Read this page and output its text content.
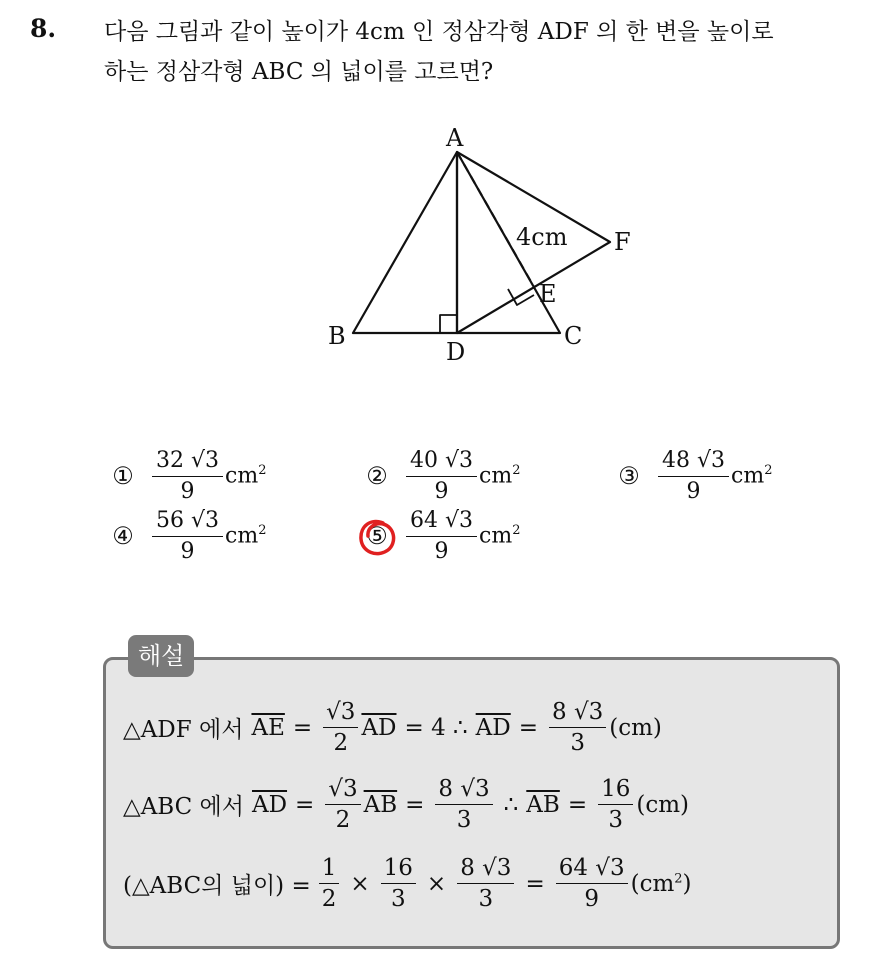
8. 다음 그림과 같이 높이가 4cm 인 정삼각형 ADF 의 한 변을 높이로
하는 정삼각형 ABC 의 넓이를 고르면?
A
B	C
D
E
F
4cm
① $\frac{32 √3}{9} cm^2$	② $\frac{40 √3}{9} cm^2$	③ $\frac{48 √3}{9} cm^2$
④ $\frac{56 √3}{9} cm^2$	⑤ $\frac{64 √3}{9} cm^2$
해설
△ADF 에서 $\overline{AE} = \frac{√3}{2} \overline{AD} = 4$ ∴ $\overline{AD} = \frac{8 √3}{3} (cm)$
△ABC 에서 $\overline{AD} = \frac{√3}{2} \overline{AB} = \frac{8 √3}{3}$ ∴ $\overline{AB} = \frac{16}{3} (cm)$
(△ABC의 넓이) = $\frac{1}{2} \times \frac{16}{3} \times \frac{8 √3}{3} = \frac{64 √3}{9} (cm^2)$
